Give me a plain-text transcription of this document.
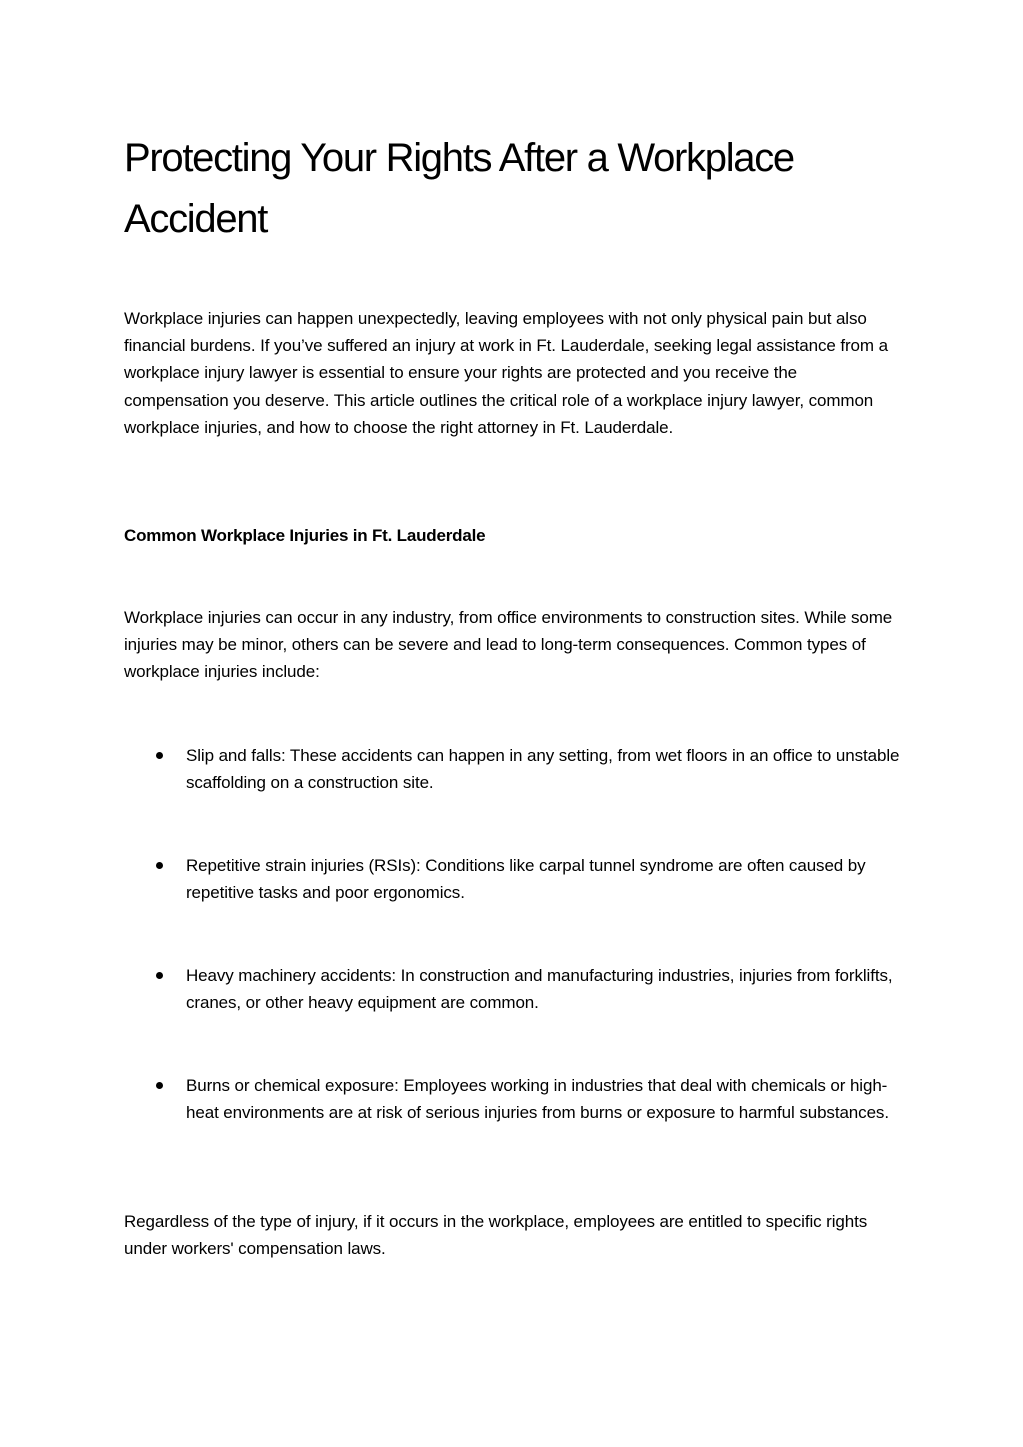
Protecting Your Rights After a Workplace Accident

Workplace injuries can happen unexpectedly, leaving employees with not only physical pain but also financial burdens. If you’ve suffered an injury at work in Ft. Lauderdale, seeking legal assistance from a workplace injury lawyer is essential to ensure your rights are protected and you receive the compensation you deserve. This article outlines the critical role of a workplace injury lawyer, common workplace injuries, and how to choose the right attorney in Ft. Lauderdale.

Common Workplace Injuries in Ft. Lauderdale

Workplace injuries can occur in any industry, from office environments to construction sites. While some injuries may be minor, others can be severe and lead to long-term consequences. Common types of workplace injuries include:

Slip and falls: These accidents can happen in any setting, from wet floors in an office to unstable scaffolding on a construction site.

Repetitive strain injuries (RSIs): Conditions like carpal tunnel syndrome are often caused by repetitive tasks and poor ergonomics.

Heavy machinery accidents: In construction and manufacturing industries, injuries from forklifts, cranes, or other heavy equipment are common.

Burns or chemical exposure: Employees working in industries that deal with chemicals or high-heat environments are at risk of serious injuries from burns or exposure to harmful substances.

Regardless of the type of injury, if it occurs in the workplace, employees are entitled to specific rights under workers' compensation laws.
